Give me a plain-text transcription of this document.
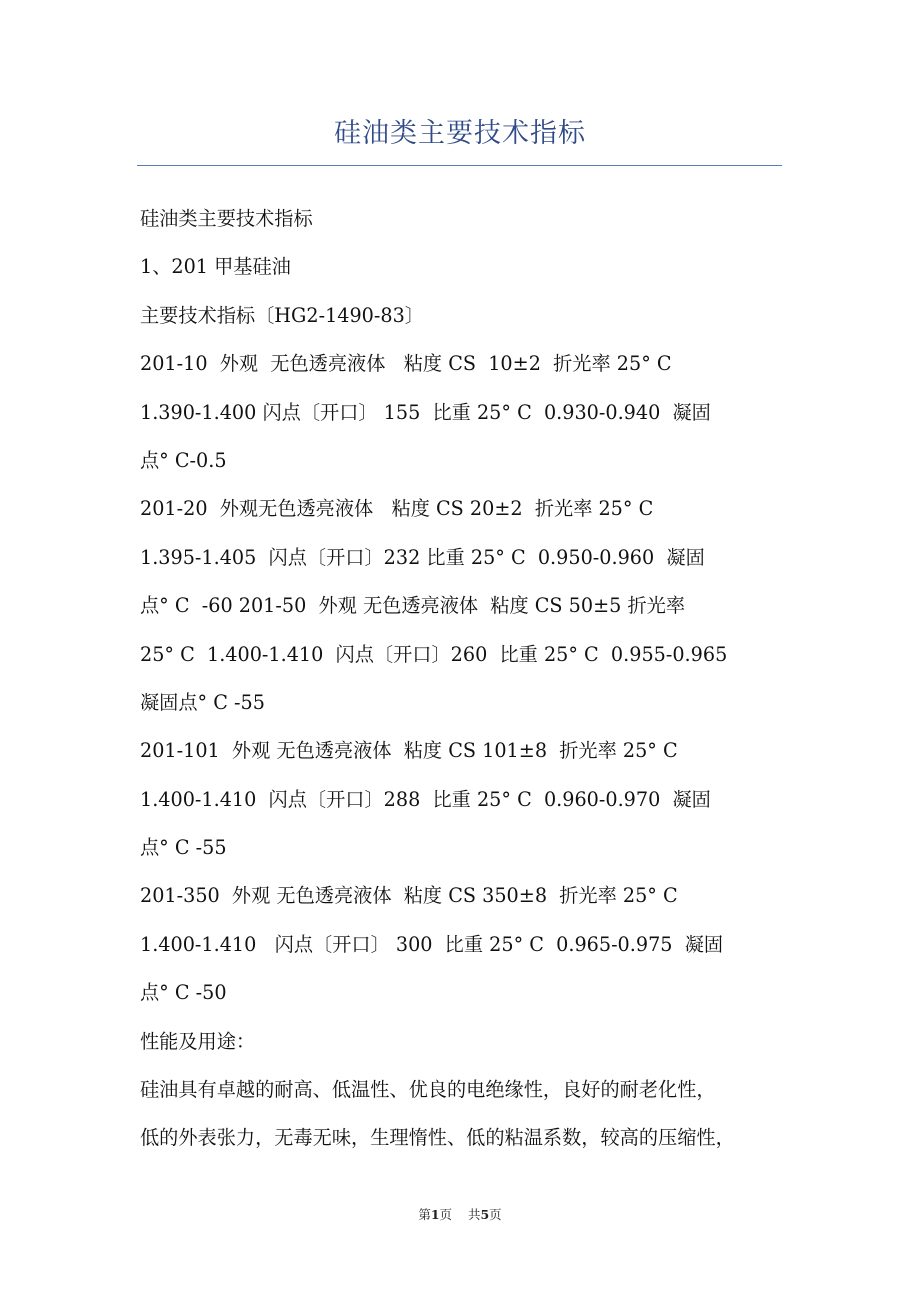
硅油类主要技术指标
硅油类主要技术指标
1、201 甲基硅油
主要技术指标〔HG2-1490-83〕
201-10  外观  无色透亮液体   粘度 CS  10±2  折光率 25° C
1.390-1.400 闪点〔开口〕 155  比重 25° C  0.930-0.940  凝固
点° C-0.5
201-20  外观无色透亮液体   粘度 CS 20±2  折光率 25° C
1.395-1.405  闪点〔开口〕232 比重 25° C  0.950-0.960  凝固
点° C  -60 201-50  外观 无色透亮液体  粘度 CS 50±5 折光率
25° C  1.400-1.410  闪点〔开口〕260  比重 25° C  0.955-0.965
凝固点° C -55
201-101  外观 无色透亮液体  粘度 CS 101±8  折光率 25° C
1.400-1.410  闪点〔开口〕288  比重 25° C  0.960-0.970  凝固
点° C -55
201-350  外观 无色透亮液体  粘度 CS 350±8  折光率 25° C
1.400-1.410   闪点〔开口〕 300  比重 25° C  0.965-0.975  凝固
点° C -50
性能及用途：
硅油具有卓越的耐高、低温性、优良的电绝缘性，良好的耐老化性，
低的外表张力，无毒无味，生理惰性、低的粘温系数，较高的压缩性，
第1页 共5页
